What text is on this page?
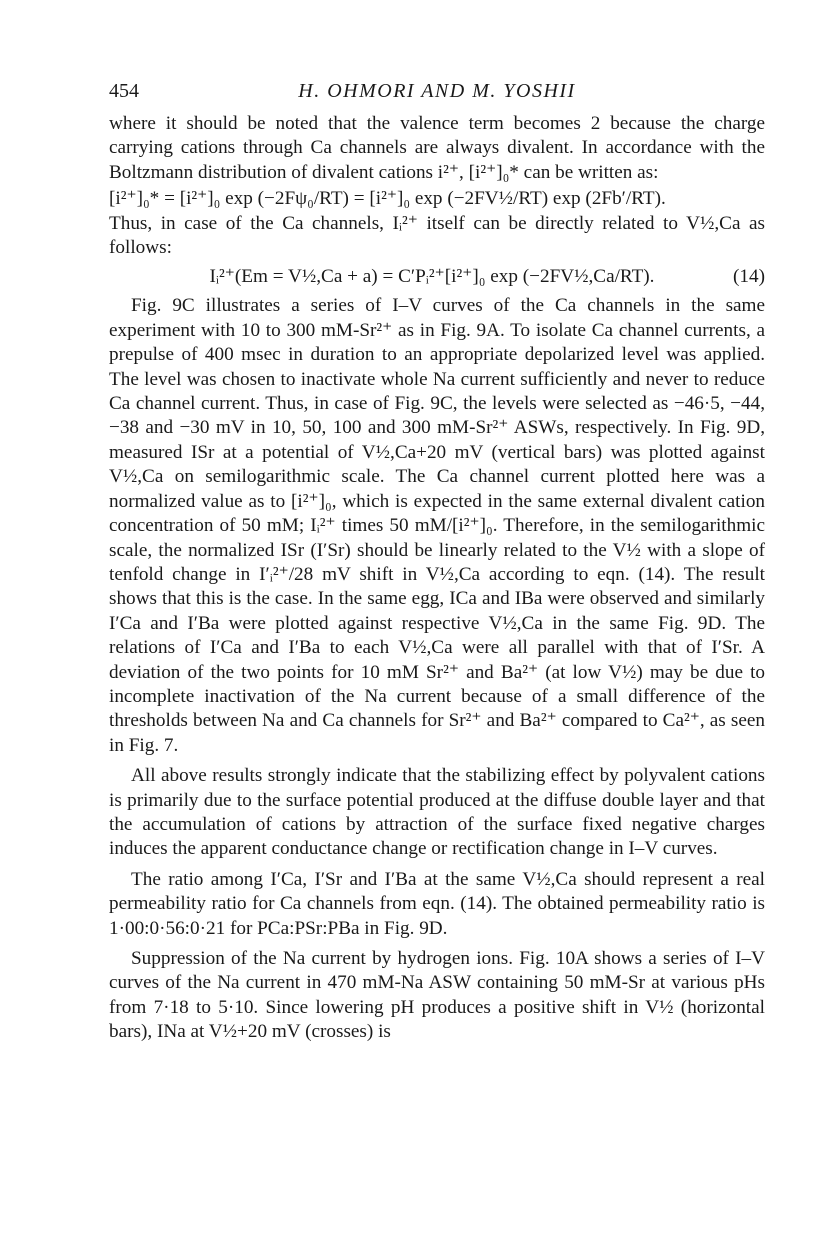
454	H. OHMORI AND M. YOSHII

where it should be noted that the valence term becomes 2 because the charge carrying cations through Ca channels are always divalent. In accordance with the Boltzmann distribution of divalent cations i²⁺, [i²⁺]₀* can be written as:

[i²⁺]₀* = [i²⁺]₀ exp (−2Fψ₀/RT) = [i²⁺]₀ exp (−2FV½/RT) exp (2Fb′/RT).

Thus, in case of the Ca channels, Iᵢ²⁺ itself can be directly related to V½,Ca as follows:

Iᵢ²⁺(Em = V½,Ca + a) = C′Pᵢ²⁺[i²⁺]₀ exp (−2FV½,Ca/RT).	(14)

Fig. 9C illustrates a series of I–V curves of the Ca channels in the same experiment with 10 to 300 mM-Sr²⁺ as in Fig. 9A. To isolate Ca channel currents, a prepulse of 400 msec in duration to an appropriate depolarized level was applied. The level was chosen to inactivate whole Na current sufficiently and never to reduce Ca channel current. Thus, in case of Fig. 9C, the levels were selected as −46·5, −44, −38 and −30 mV in 10, 50, 100 and 300 mM-Sr²⁺ ASWs, respectively. In Fig. 9D, measured ISr at a potential of V½,Ca+20 mV (vertical bars) was plotted against V½,Ca on semilogarithmic scale. The Ca channel current plotted here was a normalized value as to [i²⁺]₀, which is expected in the same external divalent cation concentration of 50 mM; Iᵢ²⁺ times 50 mM/[i²⁺]₀. Therefore, in the semilogarithmic scale, the normalized ISr (I′Sr) should be linearly related to the V½ with a slope of tenfold change in I′ᵢ²⁺/28 mV shift in V½,Ca according to eqn. (14). The result shows that this is the case. In the same egg, ICa and IBa were observed and similarly I′Ca and I′Ba were plotted against respective V½,Ca in the same Fig. 9D. The relations of I′Ca and I′Ba to each V½,Ca were all parallel with that of I′Sr. A deviation of the two points for 10 mM Sr²⁺ and Ba²⁺ (at low V½) may be due to incomplete inactivation of the Na current because of a small difference of the thresholds between Na and Ca channels for Sr²⁺ and Ba²⁺ compared to Ca²⁺, as seen in Fig. 7.

All above results strongly indicate that the stabilizing effect by polyvalent cations is primarily due to the surface potential produced at the diffuse double layer and that the accumulation of cations by attraction of the surface fixed negative charges induces the apparent conductance change or rectification change in I–V curves.

The ratio among I′Ca, I′Sr and I′Ba at the same V½,Ca should represent a real permeability ratio for Ca channels from eqn. (14). The obtained permeability ratio is 1·00:0·56:0·21 for PCa:PSr:PBa in Fig. 9D.

Suppression of the Na current by hydrogen ions. Fig. 10A shows a series of I–V curves of the Na current in 470 mM-Na ASW containing 50 mM-Sr at various pHs from 7·18 to 5·10. Since lowering pH produces a positive shift in V½ (horizontal bars), INa at V½+20 mV (crosses) is
